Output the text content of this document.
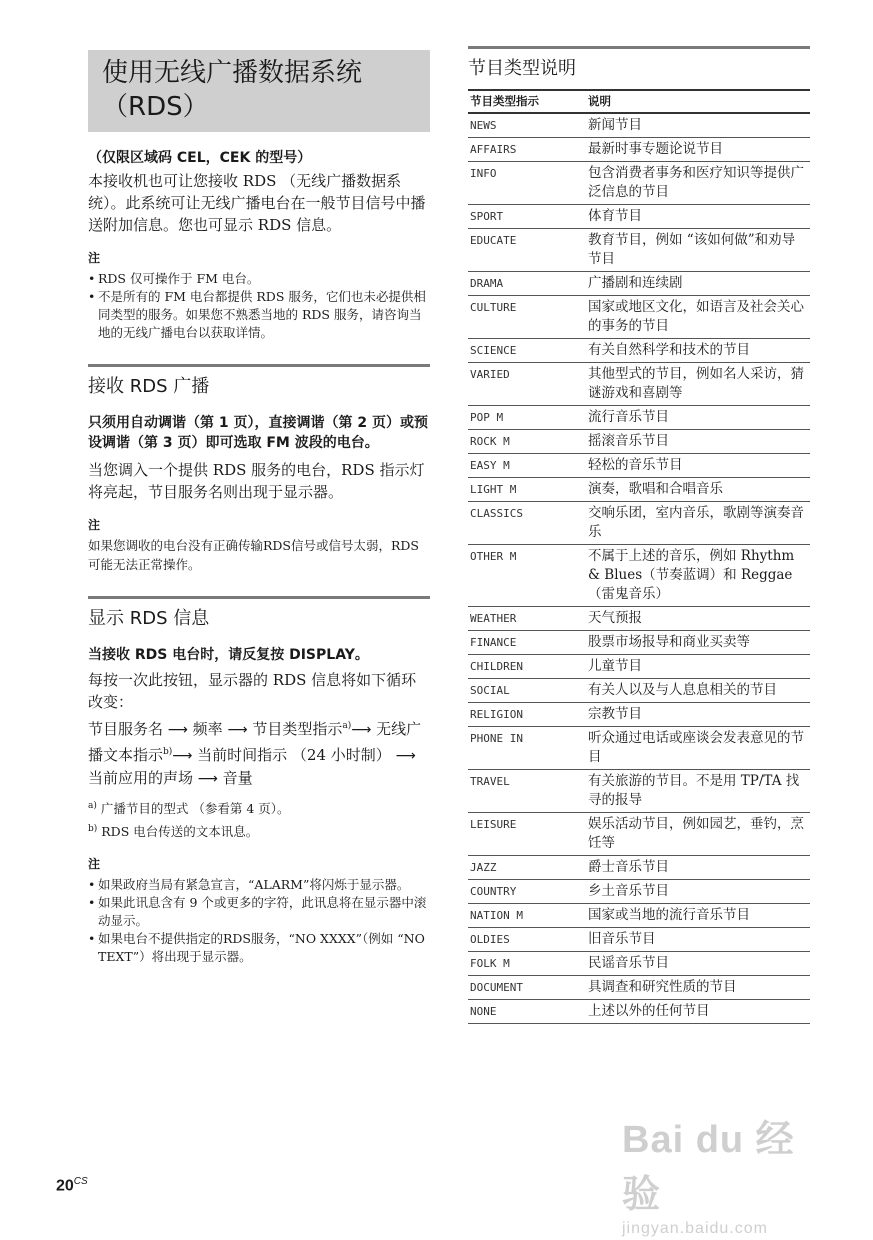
使用无线广播数据系统
（RDS）
（仅限区域码 CEL，CEK 的型号）
本接收机也可让您接收 RDS （无线广播数据系统）。此系统可让无线广播电台在一般节目信号中播送附加信息。您也可显示 RDS 信息。
注
• RDS 仅可操作于 FM 电台。
• 不是所有的 FM 电台都提供 RDS 服务，它们也未必提供相同类型的服务。如果您不熟悉当地的 RDS 服务，请咨询当地的无线广播电台以获取详情。
接收 RDS 广播
只须用自动调谐（第 1 页），直接调谐（第 2 页）或预设调谐（第 3 页）即可选取 FM 波段的电台。
当您调入一个提供 RDS 服务的电台，RDS 指示灯将亮起，节目服务名则出现于显示器。
注
如果您调收的电台没有正确传输RDS信号或信号太弱，RDS 可能无法正常操作。
显示 RDS 信息
当接收 RDS 电台时，请反复按 DISPLAY。
每按一次此按钮，显示器的 RDS 信息将如下循环改变：
节目服务名 ⟶ 频率 ⟶ 节目类型指示$^{a)}$⟶ 无线广播文本指示$^{b)}$⟶ 当前时间指示 （24 小时制） ⟶ 当前应用的声场 ⟶ 音量
$^{a)}$ 广播节目的型式 （参看第 4 页）。
$^{b)}$ RDS 电台传送的文本讯息。
注
• 如果政府当局有紧急宣言，“ALARM”将闪烁于显示器。
• 如果此讯息含有 9 个或更多的字符，此讯息将在显示器中滚动显示。
• 如果电台不提供指定的RDS服务，“NO XXXX”（例如 “NO TEXT”）将出现于显示器。
节目类型说明
节目类型指示	说明
NEWS	新闻节目
AFFAIRS	最新时事专题论说节目
INFO	包含消费者事务和医疗知识等提供广泛信息的节目
SPORT	体育节目
EDUCATE	教育节目，例如 “该如何做”和劝导节目
DRAMA	广播剧和连续剧
CULTURE	国家或地区文化，如语言及社会关心的事务的节目
SCIENCE	有关自然科学和技术的节目
VARIED	其他型式的节目，例如名人采访，猜谜游戏和喜剧等
POP M	流行音乐节目
ROCK M	摇滚音乐节目
EASY M	轻松的音乐节目
LIGHT M	演奏，歌唱和合唱音乐
CLASSICS	交响乐团，室内音乐，歌剧等演奏音乐
OTHER M	不属于上述的音乐，例如 Rhythm & Blues（节奏蓝调）和 Reggae（雷鬼音乐）
WEATHER	天气预报
FINANCE	股票市场报导和商业买卖等
CHILDREN	儿童节目
SOCIAL	有关人以及与人息息相关的节目
RELIGION	宗教节目
PHONE IN	听众通过电话或座谈会发表意见的节目
TRAVEL	有关旅游的节目。不是用 TP/TA 找寻的报导
LEISURE	娱乐活动节目，例如园艺，垂钓，烹饪等
JAZZ	爵士音乐节目
COUNTRY	乡土音乐节目
NATION M	国家或当地的流行音乐节目
OLDIES	旧音乐节目
FOLK M	民谣音乐节目
DOCUMENT	具调查和研究性质的节目
NONE	上述以外的任何节目
$20^{CS}$
Bai du 经验
jingyan.baidu.com
